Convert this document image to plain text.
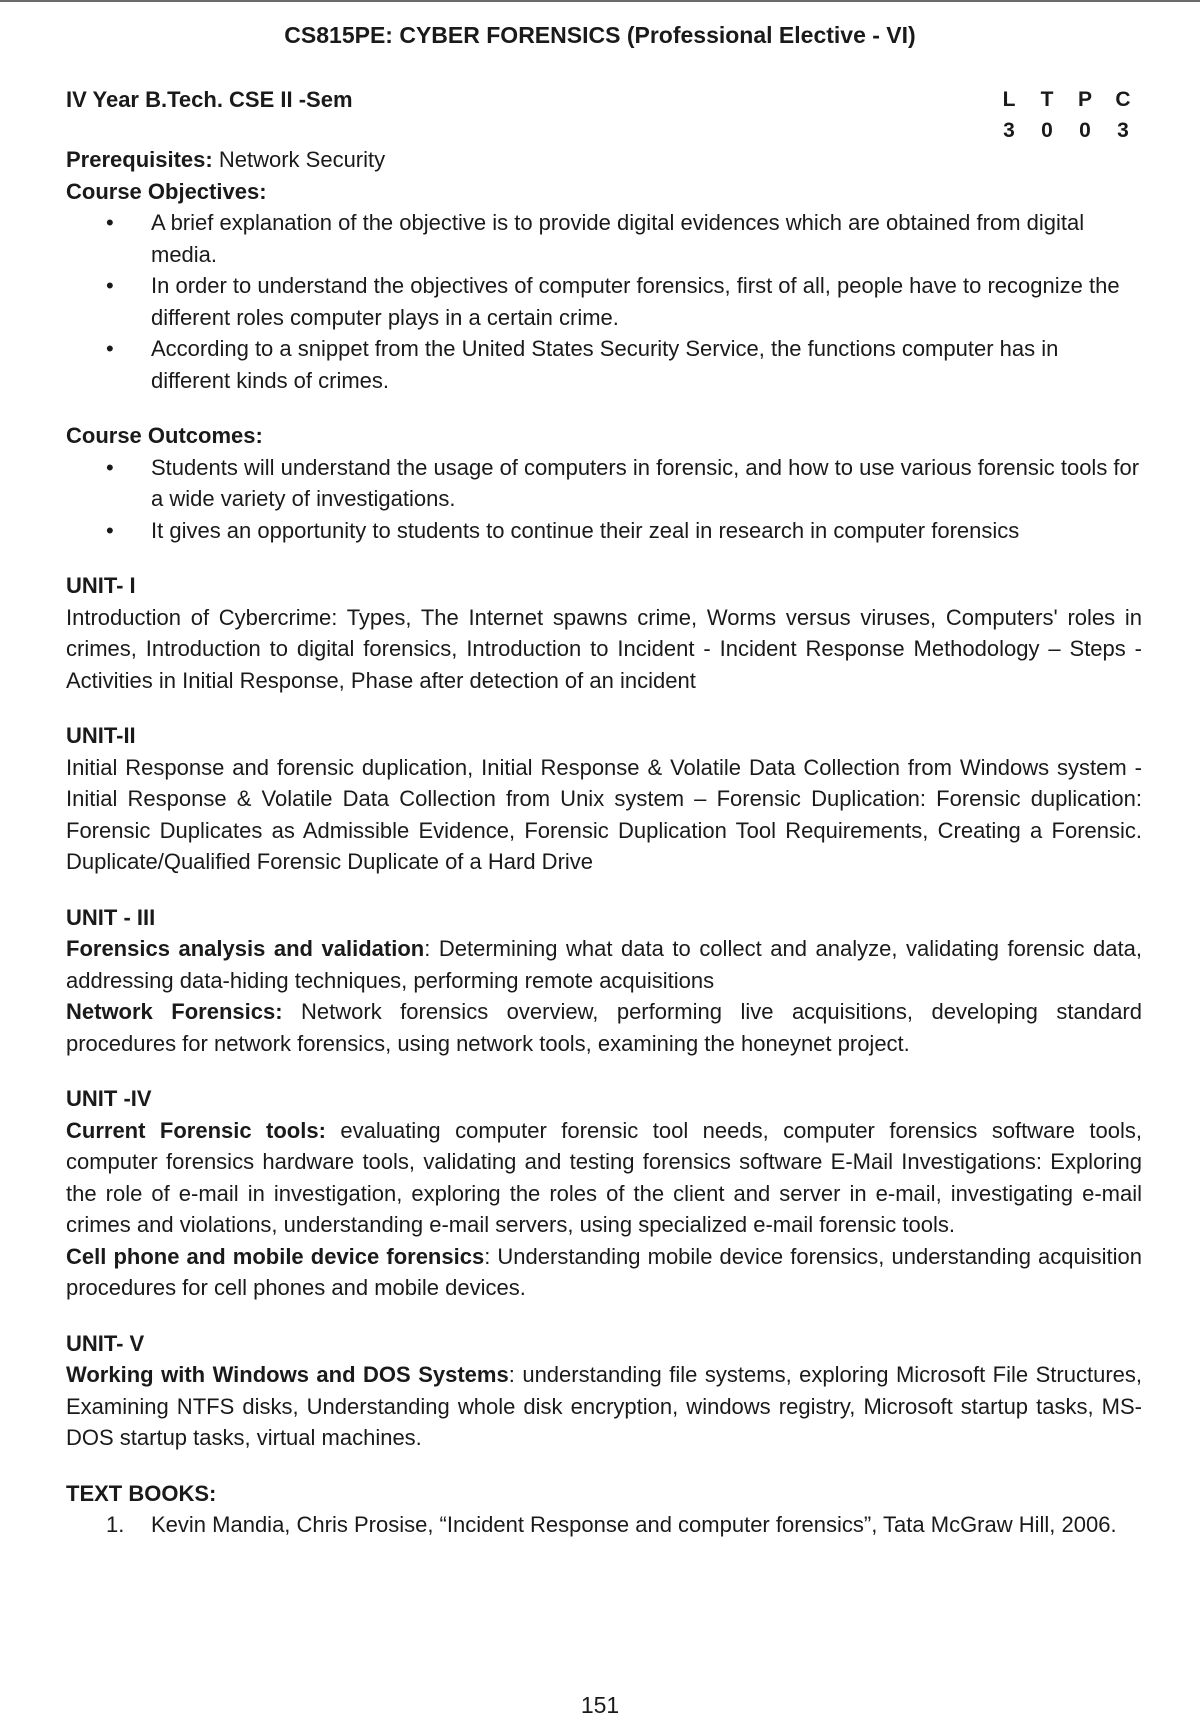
CS815PE: CYBER FORENSICS (Professional Elective - VI)
IV Year B.Tech. CSE II -Sem	L	T	P	C
3	0	0	3

Prerequisites: Network Security

Course Objectives:

• A brief explanation of the objective is to provide digital evidences which are obtained from digital media.
• In order to understand the objectives of computer forensics, first of all, people have to recognize the different roles computer plays in a certain crime.
• According to a snippet from the United States Security Service, the functions computer has in different kinds of crimes.

Course Outcomes:

• Students will understand the usage of computers in forensic, and how to use various forensic tools for a wide variety of investigations.
• It gives an opportunity to students to continue their zeal in research in computer forensics

UNIT- I

Introduction of Cybercrime: Types, The Internet spawns crime, Worms versus viruses, Computers' roles in crimes, Introduction to digital forensics, Introduction to Incident - Incident Response Methodology – Steps - Activities in Initial Response, Phase after detection of an incident

UNIT-II

Initial Response and forensic duplication, Initial Response & Volatile Data Collection from Windows system -Initial Response & Volatile Data Collection from Unix system – Forensic Duplication: Forensic duplication: Forensic Duplicates as Admissible Evidence, Forensic Duplication Tool Requirements, Creating a Forensic. Duplicate/Qualified Forensic Duplicate of a Hard Drive

UNIT - III

Forensics analysis and validation: Determining what data to collect and analyze, validating forensic data, addressing data-hiding techniques, performing remote acquisitions

Network Forensics: Network forensics overview, performing live acquisitions, developing standard procedures for network forensics, using network tools, examining the honeynet project.

UNIT -IV

Current Forensic tools: evaluating computer forensic tool needs, computer forensics software tools, computer forensics hardware tools, validating and testing forensics software E-Mail Investigations: Exploring the role of e-mail in investigation, exploring the roles of the client and server in e-mail, investigating e-mail crimes and violations, understanding e-mail servers, using specialized e-mail forensic tools.

Cell phone and mobile device forensics: Understanding mobile device forensics, understanding acquisition procedures for cell phones and mobile devices.

UNIT- V

Working with Windows and DOS Systems: understanding file systems, exploring Microsoft File Structures, Examining NTFS disks, Understanding whole disk encryption, windows registry, Microsoft startup tasks, MS-DOS startup tasks, virtual machines.

TEXT BOOKS:

1. Kevin Mandia, Chris Prosise, “Incident Response and computer forensics”, Tata McGraw Hill, 2006.
151
